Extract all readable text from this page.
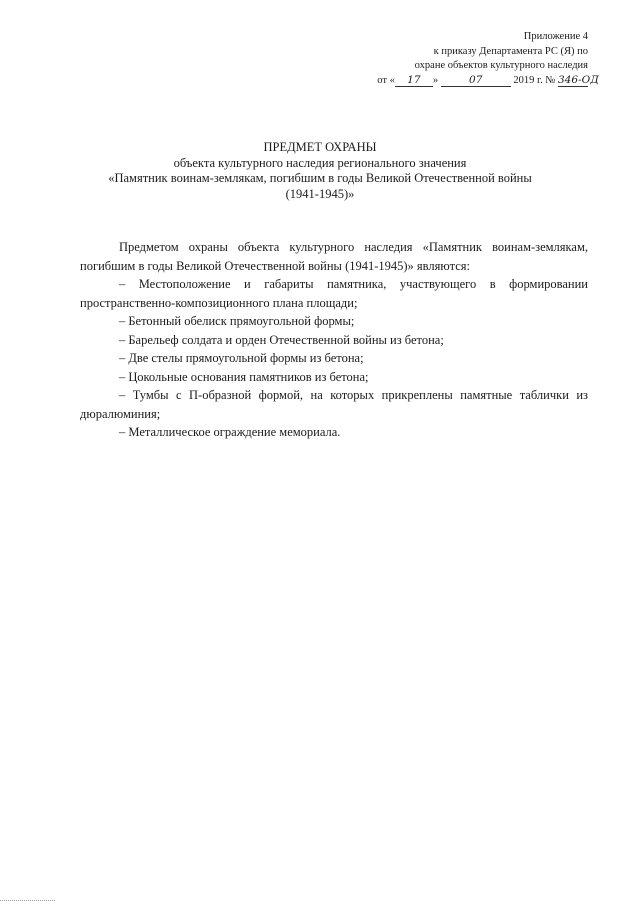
Приложение 4
к приказу Департамента РС (Я) по
охране объектов культурного наследия
от « 17 »	07	2019 г. № 346-ОД
ПРЕДМЕТ ОХРАНЫ
объекта культурного наследия регионального значения
«Памятник воинам-землякам, погибшим в годы Великой Отечественной войны
(1941-1945)»

Предметом охраны объекта культурного наследия «Памятник воинам-землякам, погибшим в годы Великой Отечественной войны (1941-1945)» являются:

– Местоположение и габариты памятника, участвующего в формировании пространственно-композиционного плана площади;
– Бетонный обелиск прямоугольной формы;
– Барельеф солдата и орден Отечественной войны из бетона;
– Две стелы прямоугольной формы из бетона;
– Цокольные основания памятников из бетона;
– Тумбы с П-образной формой, на которых прикреплены памятные таблички из дюралюминия;
– Металлическое ограждение мемориала.
